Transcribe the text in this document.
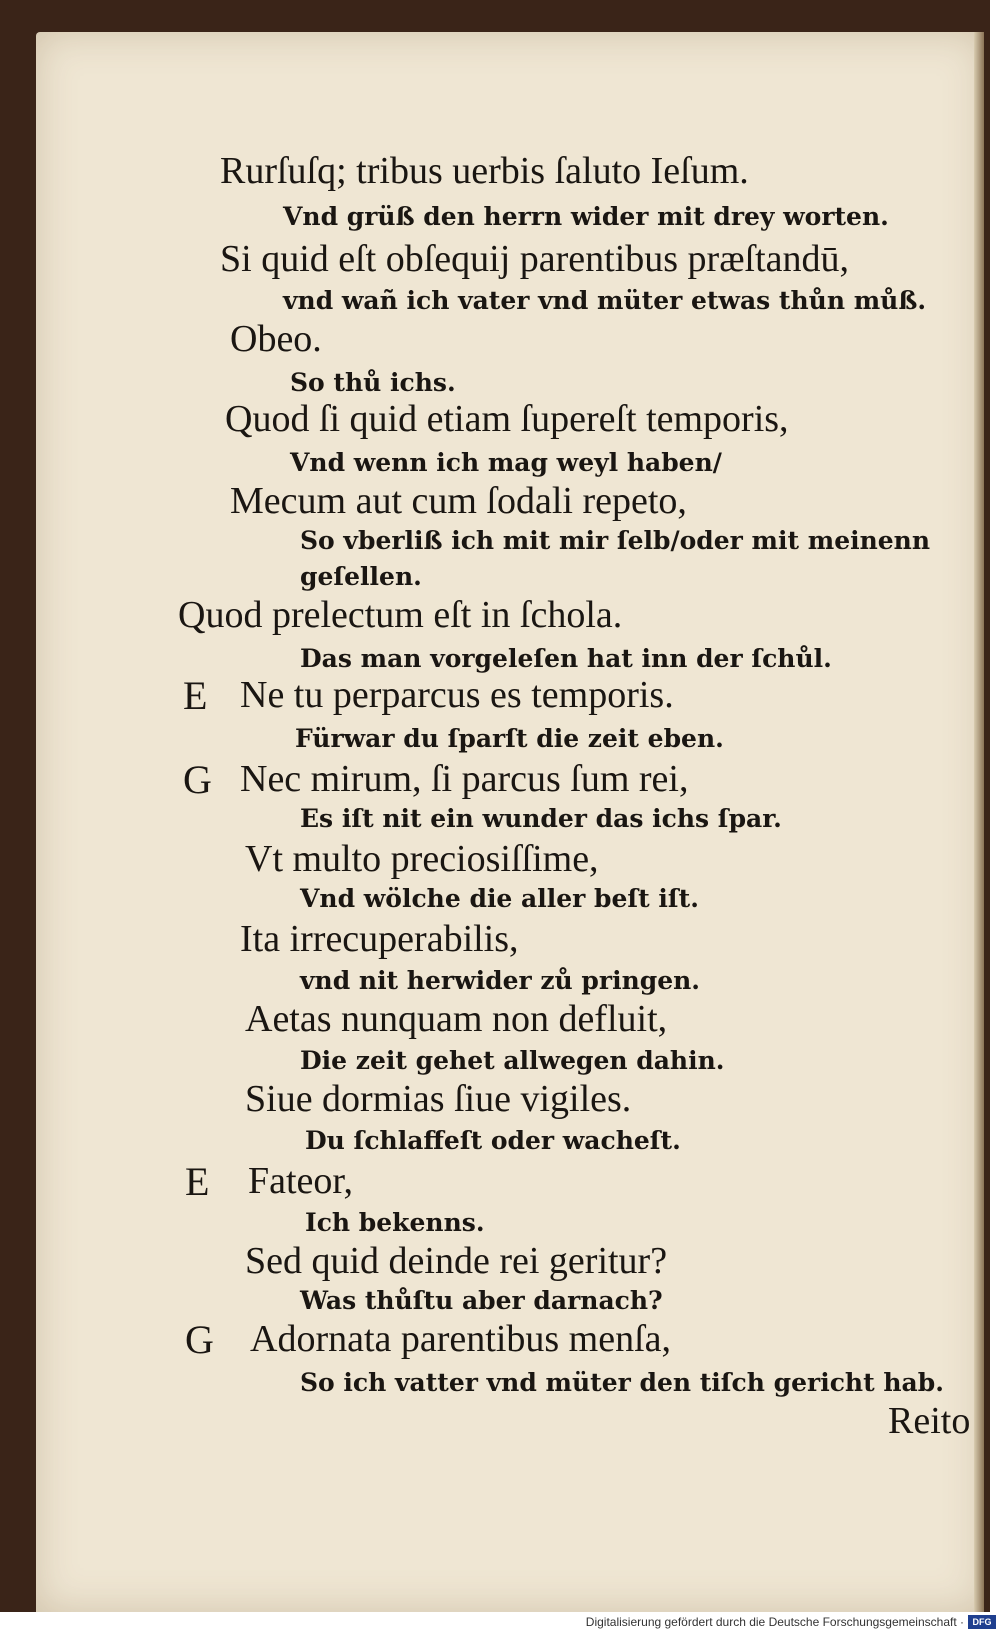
Rurſuſq; tribus uerbis ſaluto Ieſum.
Vnd grüß den herrn wider mit drey worten.
Si quid eſt obſequij parentibus præſtandū,
vnd wañ ich vater vnd müter etwas thůn můß.
Obeo.
So thů ichs.
Quod ſi quid etiam ſupereſt temporis,
Vnd wenn ich mag weyl haben/
Mecum aut cum ſodali repeto,
So vberliß ich mit mir ſelb/oder mit meinenn
geſellen.
Quod prelectum eſt in ſchola.
Das man vorgeleſen hat inn der ſchůl.
E Ne tu perparcus es temporis.
Fürwar du ſparſt die zeit eben.
G Nec mirum, ſi parcus ſum rei,
Es iſt nit ein wunder das ichs ſpar.
Vt multo preciosiſſime,
Vnd wölche die aller beſt iſt.
Ita irrecuperabilis,
vnd nit herwider zů pringen.
Aetas nunquam non defluit,
Die zeit gehet allwegen dahin.
Siue dormias ſiue vigiles.
Du ſchlaffeſt oder wacheſt.
E Fateor,
Ich bekenns.
Sed quid deinde rei geritur?
Was thůſtu aber darnach?
G Adornata parentibus menſa,
So ich vatter vnd müter den tiſch gericht hab.
Reito
Digitalisierung gefördert durch die Deutsche Forschungsgemeinschaft · DFG
